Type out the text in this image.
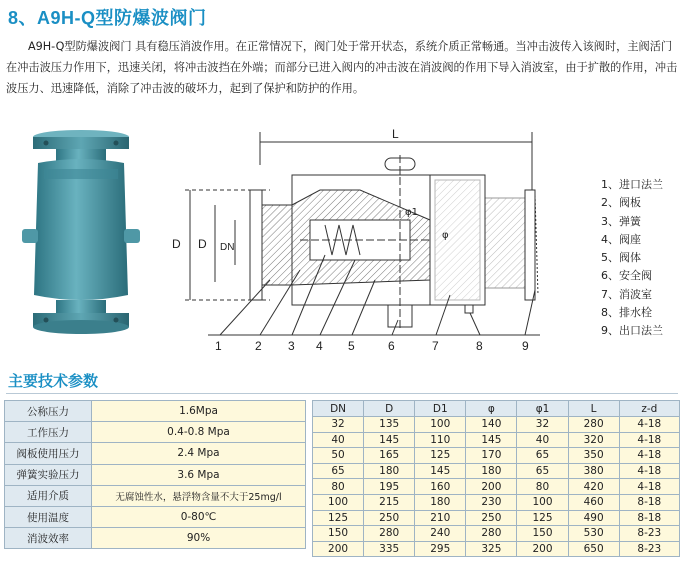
8、A9H-Q型防爆波阀门

A9H-Q型防爆波阀门 具有稳压消波作用。在正常情况下，阀门处于常开状态，系统介质正常畅通。当冲击波传入该阀时，主阀活门在冲击波压力作用下，迅速关闭，将冲击波挡在外端；而部分已进入阀内的冲击波在消波阀的作用下导入消波室，由于扩散的作用，冲击波压力、迅速降低，消除了冲击波的破坏力，起到了保护和防护的作用。

L
D D DN
φ1
φ
1	2 3 4 5	6	7	8	9
1、进口法兰
2、阀板
3、弹簧
4、阀座
5、阀体
6、安全阀
7、消波室
8、排水栓
9、出口法兰
主要技术参数
公称压力	1.6Mpa
工作压力	0.4-0.8 Mpa
阀板使用压力	2.4 Mpa
弹簧实验压力	3.6 Mpa
适用介质	无腐蚀性水，悬浮物含量不大于25mg/l
使用温度	0-80℃
消波效率	90%
DN	D	D1	φ	φ1	L	z-d
32	135	100	140	32	280	4-18
40	145	110	145	40	320	4-18
50	165	125	170	65	350	4-18
65	180	145	180	65	380	4-18
80	195	160	200	80	420	4-18
100	215	180	230	100	460	8-18
125	250	210	250	125	490	8-18
150	280	240	280	150	530	8-23
200	335	295	325	200	650	8-23
